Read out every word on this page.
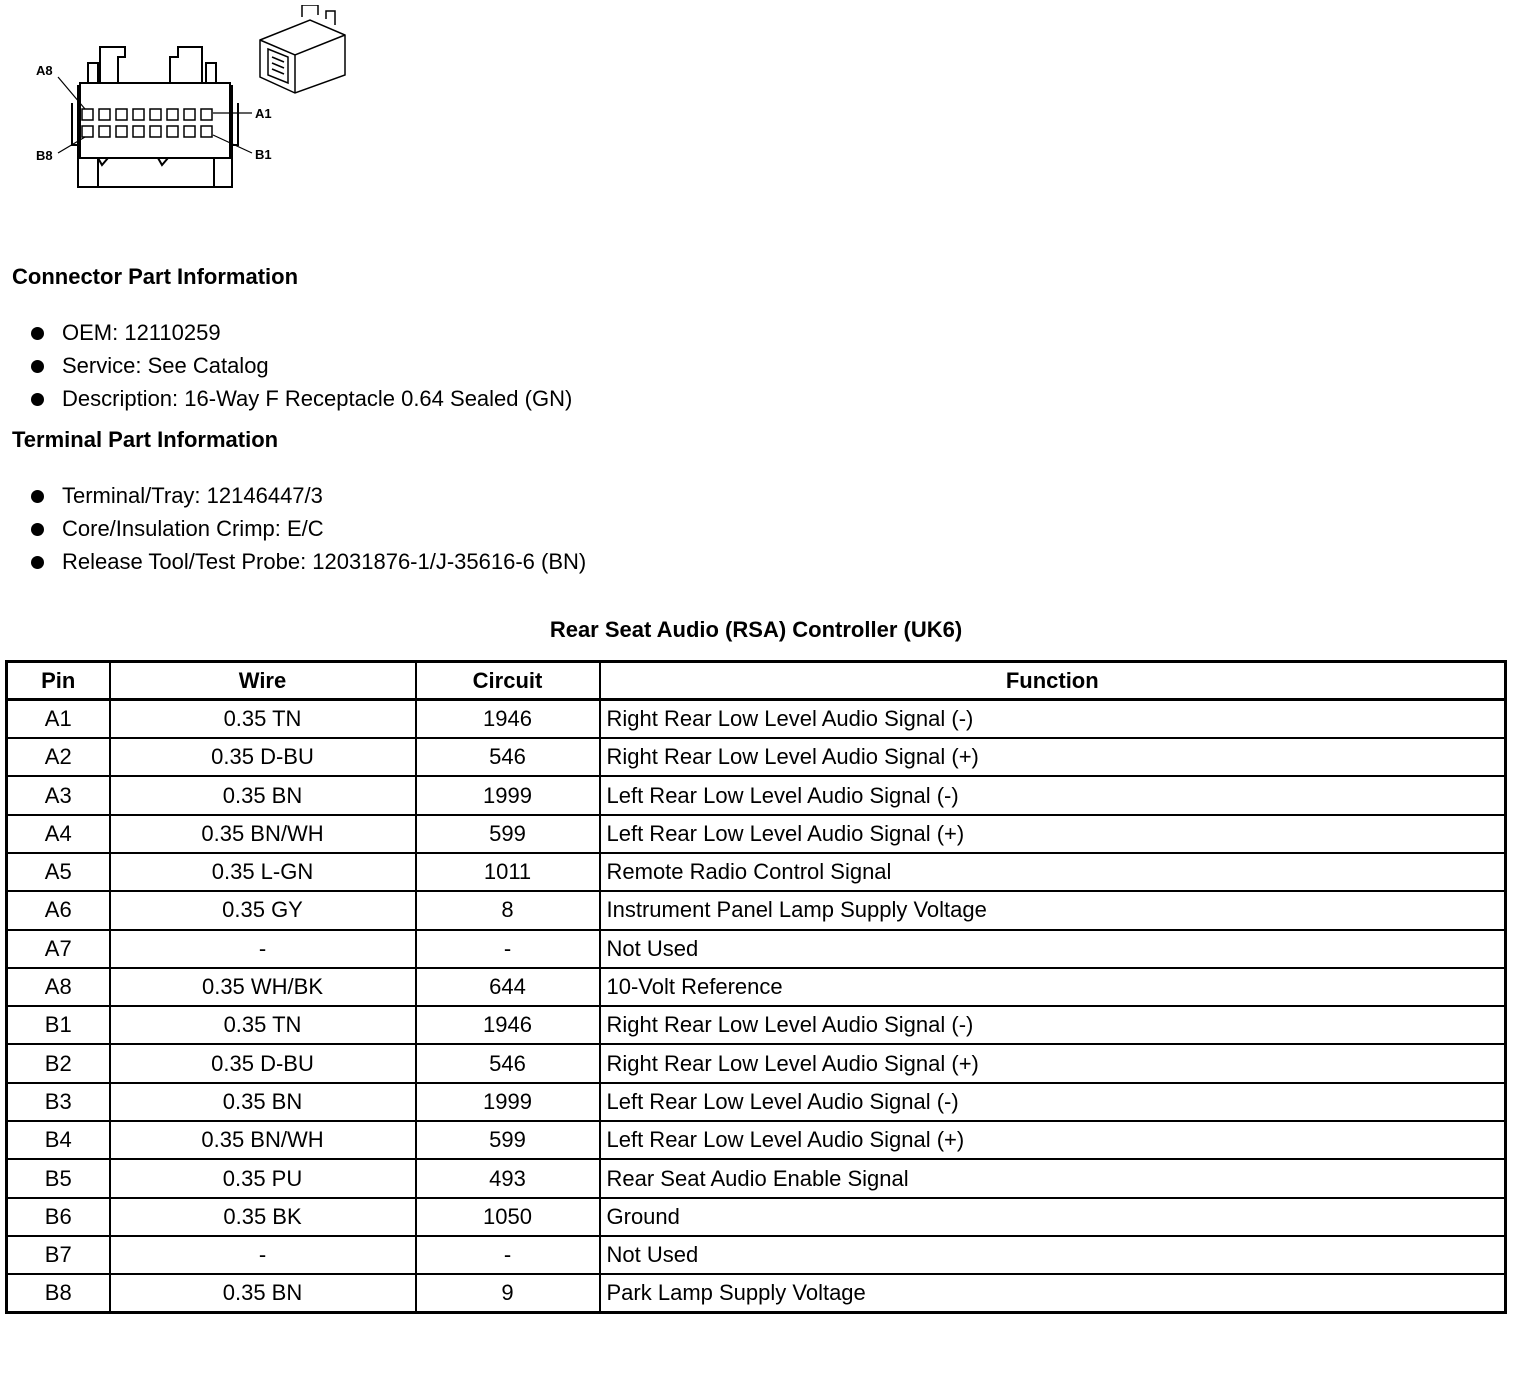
A8
A1
B8	B1
Connector Part Information
OEM: 12110259
Service: See Catalog
Description: 16-Way F Receptacle 0.64 Sealed (GN)
Terminal Part Information
Terminal/Tray: 12146447/3
Core/Insulation Crimp: E/C
Release Tool/Test Probe: 12031876-1/J-35616-6 (BN)
Rear Seat Audio (RSA) Controller (UK6)
Pin	Wire	Circuit	Function
A1	0.35 TN	1946	Right Rear Low Level Audio Signal (-)
A2	0.35 D-BU	546	Right Rear Low Level Audio Signal (+)
A3	0.35 BN	1999	Left Rear Low Level Audio Signal (-)
A4	0.35 BN/WH	599	Left Rear Low Level Audio Signal (+)
A5	0.35 L-GN	1011	Remote Radio Control Signal
A6	0.35 GY	8	Instrument Panel Lamp Supply Voltage
A7	-	-	Not Used
A8	0.35 WH/BK	644	10-Volt Reference
B1	0.35 TN	1946	Right Rear Low Level Audio Signal (-)
B2	0.35 D-BU	546	Right Rear Low Level Audio Signal (+)
B3	0.35 BN	1999	Left Rear Low Level Audio Signal (-)
B4	0.35 BN/WH	599	Left Rear Low Level Audio Signal (+)
B5	0.35 PU	493	Rear Seat Audio Enable Signal
B6	0.35 BK	1050	Ground
B7	-	-	Not Used
B8	0.35 BN	9	Park Lamp Supply Voltage
